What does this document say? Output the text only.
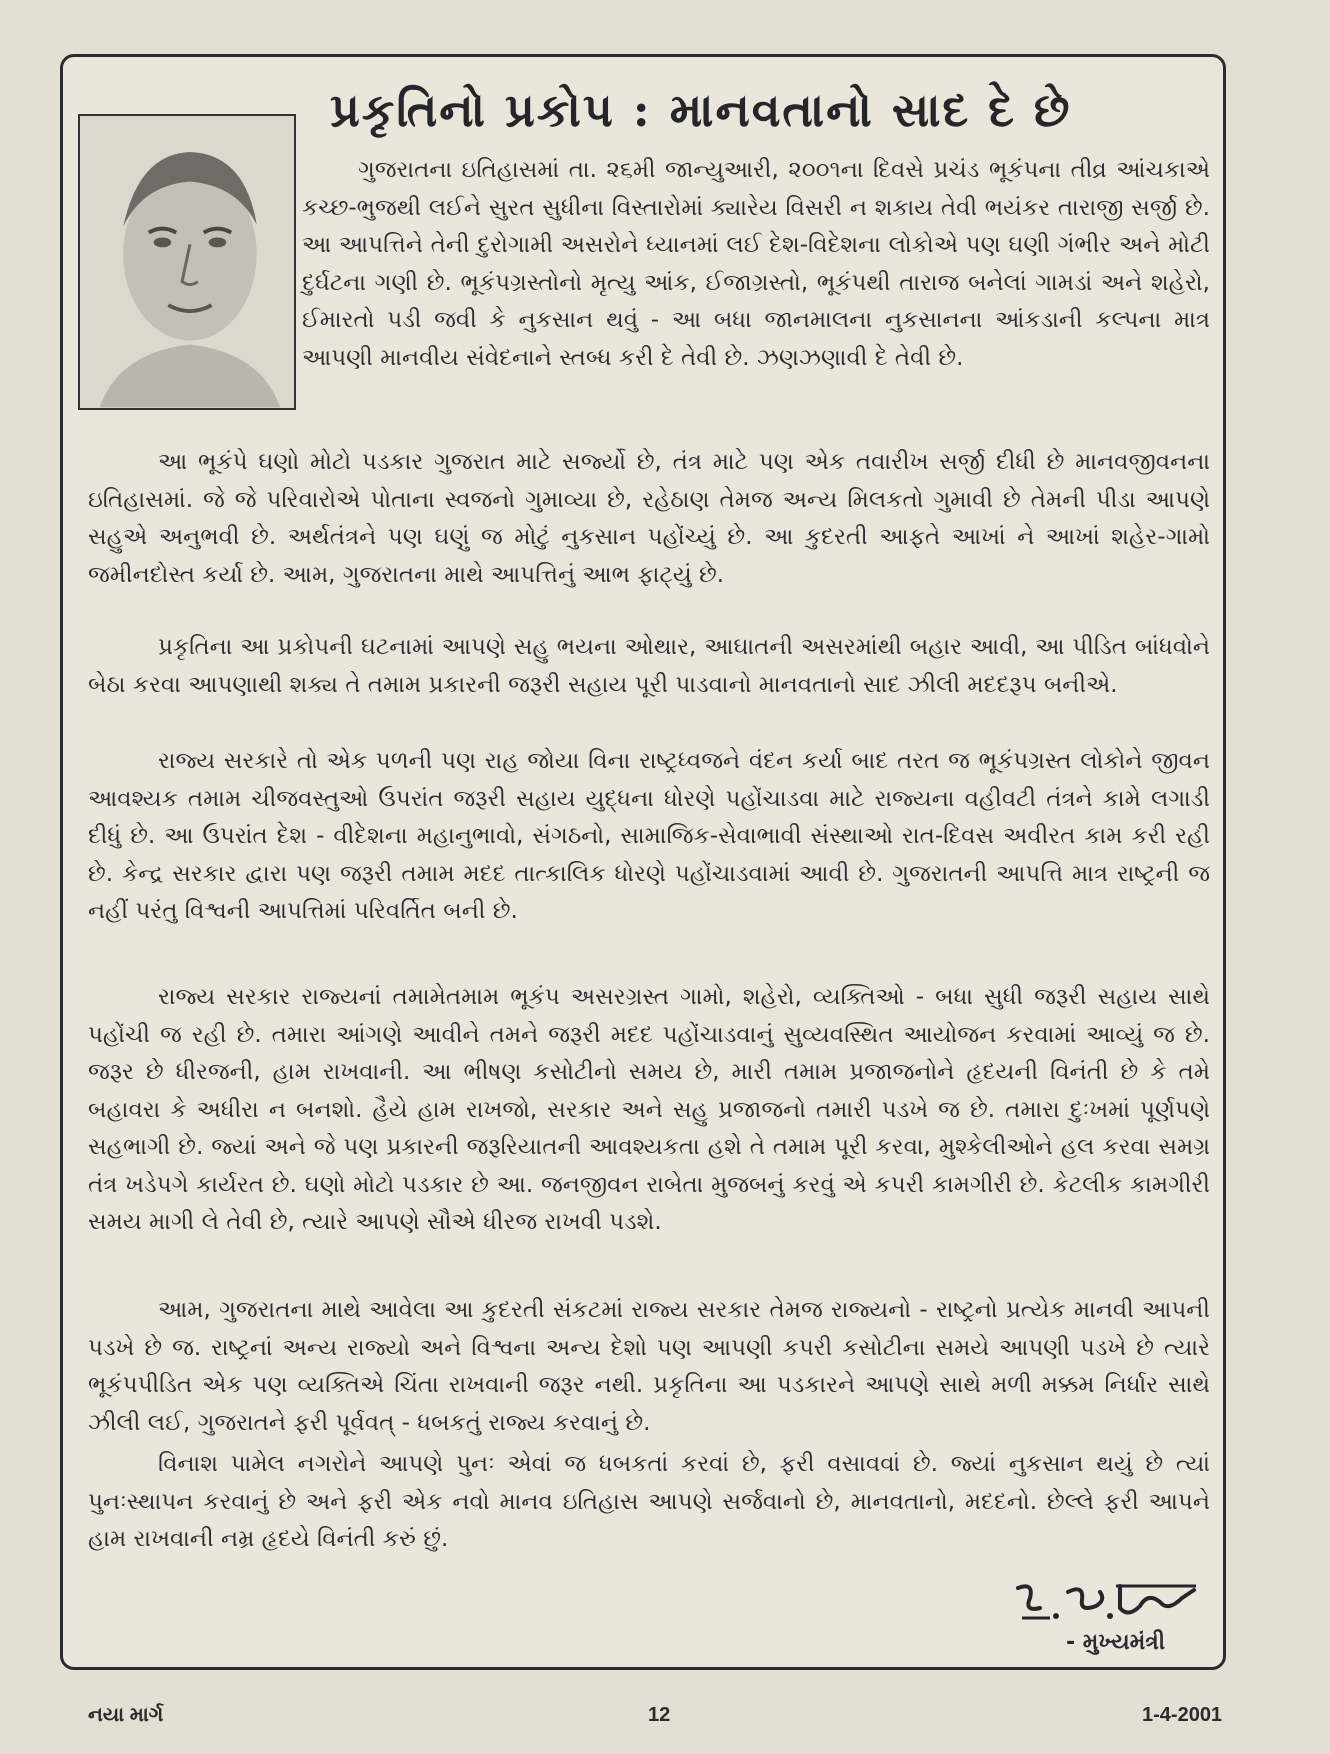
પ્રકૃતિનો પ્રકોપ : માનવતાનો સાદ દે છે

ગુજરાતના ઇતિહાસમાં તા. ૨૬મી જાન્યુઆરી, ૨૦૦૧ના દિવસે પ્રચંડ ભૂકંપના તીવ્ર આંચકાએ કચ્છ-ભુજથી લઈને સુરત સુધીના વિસ્તારોમાં ક્યારેય વિસરી ન શકાય તેવી ભયંકર તારાજી સર્જી છે. આ આપત્તિને તેની દુરોગામી અસરોને ધ્યાનમાં લઈ દેશ-વિદેશના લોકોએ પણ ઘણી ગંભીર અને મોટી દુર્ઘટના ગણી છે. ભૂકંપગ્રસ્તોનો મૃત્યુ આંક, ઈજાગ્રસ્તો, ભૂકંપથી તારાજ બનેલાં ગામડાં અને શહેરો, ઈમારતો પડી જવી કે નુકસાન થવું - આ બધા જાનમાલના નુકસાનના આંકડાની કલ્પના માત્ર આપણી માનવીય સંવેદનાને સ્તબ્ધ કરી દે તેવી છે. ઝણઝણાવી દે તેવી છે.

આ ભૂકંપે ઘણો મોટો પડકાર ગુજરાત માટે સર્જ્યો છે, તંત્ર માટે પણ એક તવારીખ સર્જી દીધી છે માનવજીવનના ઇતિહાસમાં. જે જે પરિવારોએ પોતાના સ્વજનો ગુમાવ્યા છે, રહેઠાણ તેમજ અન્ય મિલકતો ગુમાવી છે તેમની પીડા આપણે સહુએ અનુભવી છે. અર્થતંત્રને પણ ઘણું જ મોટું નુકસાન પહોંચ્યું છે. આ કુદરતી આફતે આખાં ને આખાં શહેર-ગામો જમીનદોસ્ત કર્યા છે. આમ, ગુજરાતના માથે આપત્તિનું આભ ફાટ્યું છે.

પ્રકૃતિના આ પ્રકોપની ઘટનામાં આપણે સહુ ભયના ઓથાર, આઘાતની અસરમાંથી બહાર આવી, આ પીડિત બાંધવોને બેઠા કરવા આપણાથી શક્ય તે તમામ પ્રકારની જરૂરી સહાય પૂરી પાડવાનો માનવતાનો સાદ ઝીલી મદદરૂપ બનીએ.

રાજ્ય સરકારે તો એક પળની પણ રાહ જોયા વિના રાષ્ટ્રધ્વજને વંદન કર્યા બાદ તરત જ ભૂકંપગ્રસ્ત લોકોને જીવન આવશ્યક તમામ ચીજવસ્તુઓ ઉપરાંત જરૂરી સહાય યુદ્ધના ધોરણે પહોંચાડવા માટે રાજ્યના વહીવટી તંત્રને કામે લગાડી દીધું છે. આ ઉપરાંત દેશ - વીદેશના મહાનુભાવો, સંગઠનો, સામાજિક-સેવાભાવી સંસ્થાઓ રાત-દિવસ અવીરત કામ કરી રહી છે. કેન્દ્ર સરકાર દ્વારા પણ જરૂરી તમામ મદદ તાત્કાલિક ધોરણે પહોંચાડવામાં આવી છે. ગુજરાતની આપત્તિ માત્ર રાષ્ટ્રની જ નહીં પરંતુ વિશ્વની આપત્તિમાં પરિવર્તિત બની છે.

રાજ્ય સરકાર રાજ્યનાં તમામેતમામ ભૂકંપ અસરગ્રસ્ત ગામો, શહેરો, વ્યક્તિઓ - બધા સુધી જરૂરી સહાય સાથે પહોંચી જ રહી છે. તમારા આંગણે આવીને તમને જરૂરી મદદ પહોંચાડવાનું સુવ્યવસ્થિત આયોજન કરવામાં આવ્યું જ છે. જરૂર છે ધીરજની, હામ રાખવાની. આ ભીષણ કસોટીનો સમય છે, મારી તમામ પ્રજાજનોને હૃદયની વિનંતી છે કે તમે બહાવરા કે અધીરા ન બનશો. હૈયે હામ રાખજો, સરકાર અને સહુ પ્રજાજનો તમારી પડખે જ છે. તમારા દુઃખમાં પૂર્ણપણે સહભાગી છે. જ્યાં અને જે પણ પ્રકારની જરૂરિયાતની આવશ્યકતા હશે તે તમામ પૂરી કરવા, મુશ્કેલીઓને હલ કરવા સમગ્ર તંત્ર ખડેપગે કાર્યરત છે. ઘણો મોટો પડકાર છે આ. જનજીવન રાબેતા મુજબનું કરવું એ કપરી કામગીરી છે. કેટલીક કામગીરી સમય માગી લે તેવી છે, ત્યારે આપણે સૌએ ધીરજ રાખવી પડશે.

આમ, ગુજરાતના માથે આવેલા આ કુદરતી સંકટમાં રાજ્ય સરકાર તેમજ રાજ્યનો - રાષ્ટ્રનો પ્રત્યેક માનવી આપની પડખે છે જ. રાષ્ટ્રનાં અન્ય રાજ્યો અને વિશ્વના અન્ય દેશો પણ આપણી કપરી કસોટીના સમયે આપણી પડખે છે ત્યારે ભૂકંપપીડિત એક પણ વ્યક્તિએ ચિંતા રાખવાની જરૂર નથી. પ્રકૃતિના આ પડકારને આપણે સાથે મળી મક્કમ નિર્ધાર સાથે ઝીલી લઈ, ગુજરાતને ફરી પૂર્વવત્ - ધબકતું રાજ્ય કરવાનું છે.

વિનાશ પામેલ નગરોને આપણે પુનઃ એવાં જ ધબકતાં કરવાં છે, ફરી વસાવવાં છે. જ્યાં નુકસાન થયું છે ત્યાં પુનઃસ્થાપન કરવાનું છે અને ફરી એક નવો માનવ ઇતિહાસ આપણે સર્જવાનો છે, માનવતાનો, મદદનો. છેલ્લે ફરી આપને હામ રાખવાની નમ્ર હૃદયે વિનંતી કરું છું.

- મુખ્યમંત્રી
નયા માર્ગ	12	1-4-2001
